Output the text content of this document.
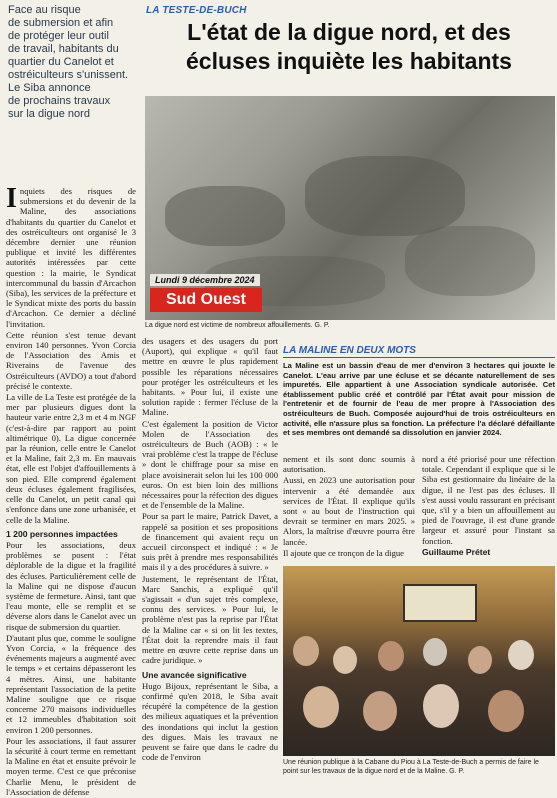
Face au risque
de submersion et afin
de protéger leur outil
de travail, habitants du
quartier du Canelot et
ostréiculteurs s'unissent.
Le Siba annonce
de prochains travaux
sur la digue nord
LA TESTE-DE-BUCH
L'état de la digue nord, et des écluses inquiète les habitants
Lundi 9 décembre 2024
Sud Ouest
La digue nord est victime de nombreux affouillements. G. P.

Inquiets des risques de submersions et du devenir de la Maline, des associations d'habitants du quartier du Canelot et des ostréiculteurs ont organisé le 3 décembre dernier une réunion publique et invité les différentes autorités intéressées par cette question : la mairie, le Syndicat intercommunal du bassin d'Arcachon (Siba), les services de la préfecture et le Syndicat mixte des ports du bassin d'Arcachon. Ce dernier a décliné l'invitation.

Cette réunion s'est tenue devant environ 140 personnes. Yvon Corcia de l'Association des Amis et Riverains de l'avenue des Ostréiculteurs (AVDO) a tout d'abord précisé le contexte.

La ville de La Teste est protégée de la mer par plusieurs digues dont la hauteur varie entre 2,3 m et 4 m NGF (c'est-à-dire par rapport au point altimétrique 0). La digue concernée par la réunion, celle entre le Canelot et la Maline, fait 2,3 m. En mauvais état, elle est l'objet d'affouillements à son pied. Elle comprend également deux écluses également fragilisées, celle du Canelot, un petit canal qui s'enfonce dans une zone urbanisée, et celle de la Maline.

1 200 personnes impactées

Pour les associations, deux problèmes se posent : l'état déplorable de la digue et la fragilité des écluses. Particulièrement celle de la Maline qui ne dispose d'aucun système de fermeture. Ainsi, tant que l'eau monte, elle se remplit et se déverse alors dans le Canelot avec un risque de submersion du quartier.

D'autant plus que, comme le souligne Yvon Corcia, « la fréquence des événements majeurs a augmenté avec le temps » et certains dépasseront les 4 mètres. Ainsi, une habitante représentant l'association de la petite Maline souligne que ce risque concerne 270 maisons individuelles et 12 immeubles d'habitation soit environ 1 200 personnes.

Pour les associations, il faut assurer la sécurité à court terme en remettant la Maline en état et ensuite prévoir le moyen terme. C'est ce que préconise Charlie Menu, le président de l'Association de défense

des usagers et des usagers du port (Auport), qui explique « qu'il faut mettre en œuvre le plus rapidement possible les réparations nécessaires pour protéger les ostréiculteurs et les habitants. » Pour lui, il existe une solution rapide : fermer l'écluse de la Maline.

C'est également la position de Victor Molen de l'Association des ostréiculteurs de Buch (AOB) : « le vrai problème c'est la trappe de l'écluse » dont le chiffrage pour sa mise en place avoisinerait selon lui les 100 000 euros. On est bien loin des millions nécessaires pour la réfection des digues et de l'ensemble de la Maline.

Pour sa part le maire, Patrick Davet, a rappelé sa position et ses propositions de financement qui avaient reçu un accueil circonspect et indiqué : « Je suis prêt à prendre mes responsabilités mais il y a des procédures à suivre. »

Justement, le représentant de l'État, Marc Sanchis, a expliqué qu'il s'agissait « d'un sujet très complexe, connu des services. » Pour lui, le problème n'est pas la reprise par l'État de la Maline car « si on lit les textes, l'État doit la reprendre mais il faut mettre en œuvre cette reprise dans un cadre juridique. »

Une avancée significative

Hugo Bijoux, représentant le Siba, a confirmé qu'en 2018, le Siba avait récupéré la compétence de la gestion des milieux aquatiques et la prévention des inondations qui inclut la gestion des digues. Mais les travaux ne peuvent se faire que dans le cadre du code de l'environ

LA MALINE EN DEUX MOTS
La Maline est un bassin d'eau de mer d'environ 3 hectares qui jouxte le Canelot. L'eau arrive par une écluse et se décante naturellement de ses impuretés. Elle appartient à une Association syndicale autorisée. Cet établissement public créé et contrôlé par l'État avait pour mission de l'entretenir et de fournir de l'eau de mer propre à l'Association des ostréiculteurs de Buch. Composée aujourd'hui de trois ostréiculteurs en activité, elle n'assure plus sa fonction. La préfecture l'a déclaré défaillante et ses membres ont demandé sa dissolution en janvier 2024.

nement et ils sont donc soumis à autorisation.

Aussi, en 2023 une autorisation pour intervenir a été demandée aux services de l'État. Il explique qu'ils sont « au bout de l'instruction qui devrait se terminer en mars 2025. » Alors, la maîtrise d'œuvre pourra être lancée.

Il ajoute que ce tronçon de la digue

nord a été priorisé pour une réfection totale. Cependant il explique que si le Siba est gestionnaire du linéaire de la digue, il ne l'est pas des écluses. Il s'est aussi voulu rassurant en précisant que, s'il y a bien un affouillement au pied de l'ouvrage, il est d'une grande largeur et assuré pour l'instant sa fonction.

Guillaume Prétet

Une réunion publique à la Cabane du Piou à La Teste-de-Buch a permis de faire le point sur les travaux de la digue nord et de la Maline. G. P.
